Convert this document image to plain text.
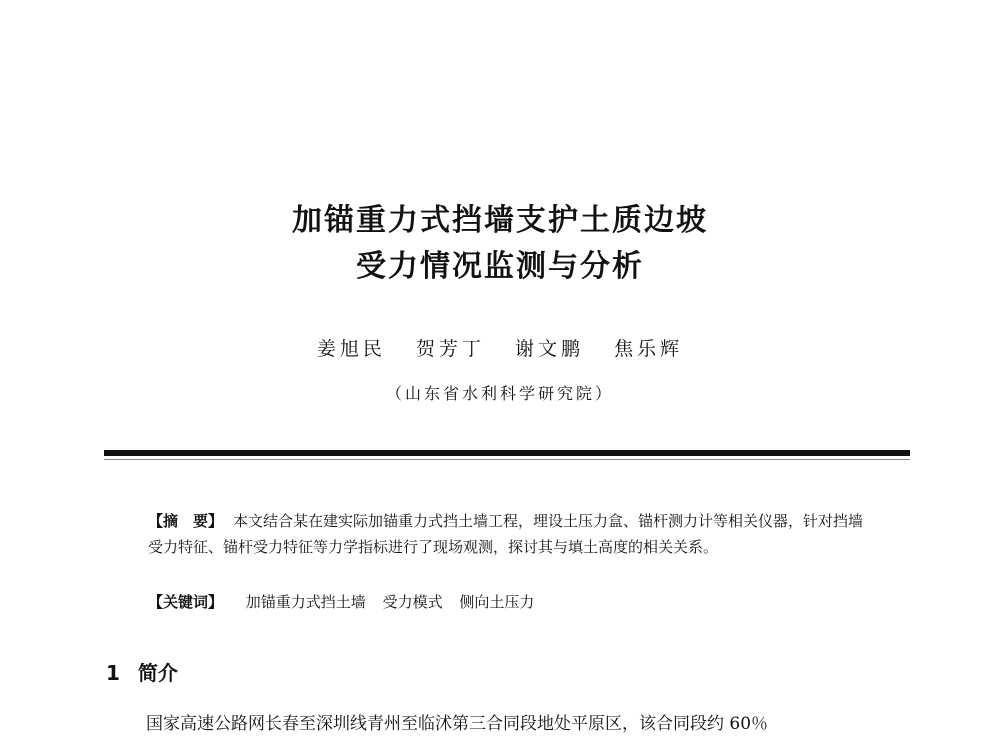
加锚重力式挡墙支护土质边坡
受力情况监测与分析

姜旭民 贺芳丁 谢文鹏 焦乐辉

（山东省水利科学研究院）

【摘　要】 本文结合某在建实际加锚重力式挡土墙工程，埋设土压力盒、锚杆测力计等相关仪器，针对挡墙受力特征、锚杆受力特征等力学指标进行了现场观测，探讨其与填土高度的相关关系。

【关键词】 加锚重力式挡土墙 受力模式 侧向土压力

1 简介

国家高速公路网长春至深圳线青州至临沭第三合同段地处平原区，该合同段约 60％
